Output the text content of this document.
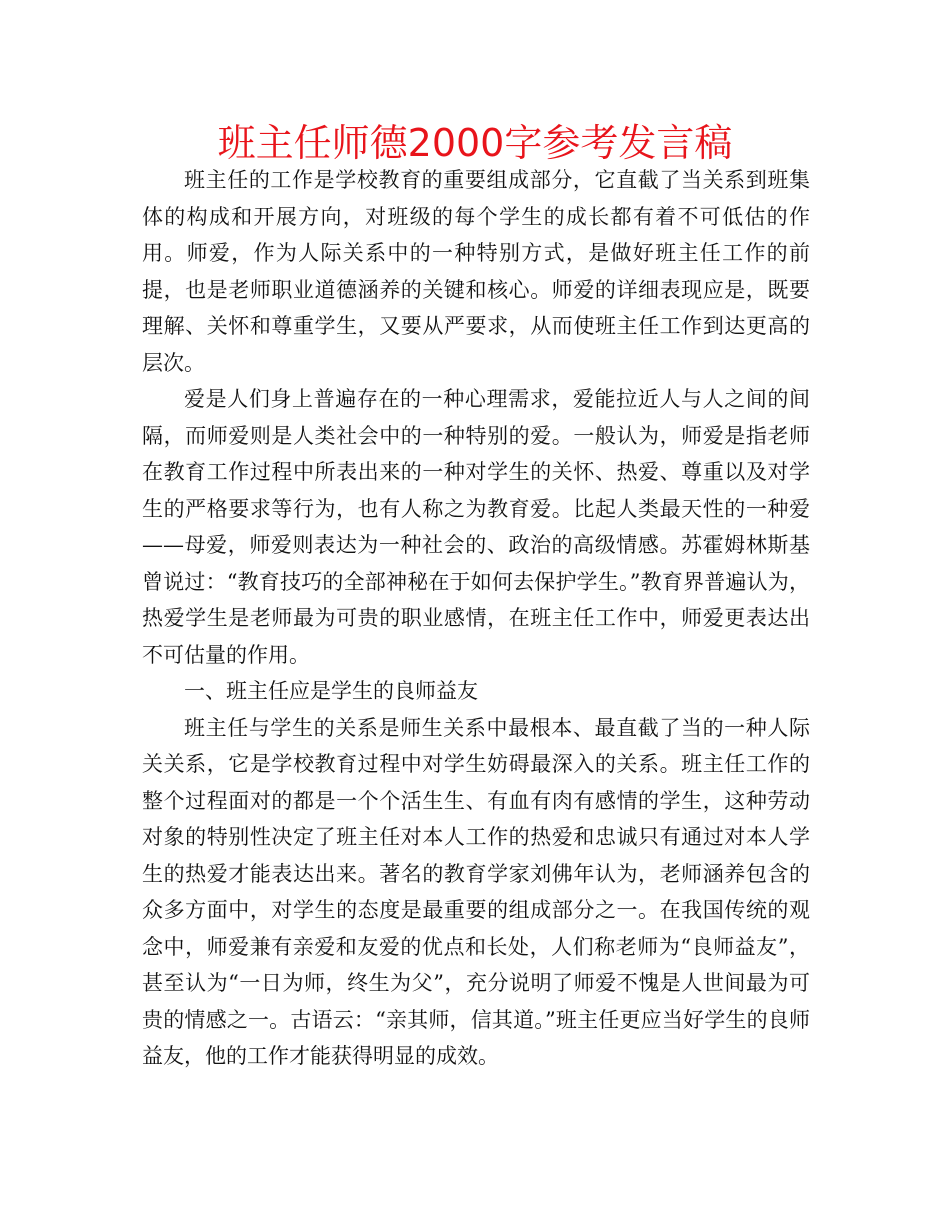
班主任师德2000字参考发言稿

班主任的工作是学校教育的重要组成部分，它直截了当关系到班集体的构成和开展方向，对班级的每个学生的成长都有着不可低估的作用。师爱，作为人际关系中的一种特别方式，是做好班主任工作的前提，也是老师职业道德涵养的关键和核心。师爱的详细表现应是，既要理解、关怀和尊重学生，又要从严要求，从而使班主任工作到达更高的层次。

爱是人们身上普遍存在的一种心理需求，爱能拉近人与人之间的间隔，而师爱则是人类社会中的一种特别的爱。一般认为，师爱是指老师在教育工作过程中所表出来的一种对学生的关怀、热爱、尊重以及对学生的严格要求等行为，也有人称之为教育爱。比起人类最天性的一种爱——母爱，师爱则表达为一种社会的、政治的高级情感。苏霍姆林斯基曾说过：“教育技巧的全部神秘在于如何去保护学生。”教育界普遍认为，热爱学生是老师最为可贵的职业感情，在班主任工作中，师爱更表达出不可估量的作用。

一、班主任应是学生的良师益友

班主任与学生的关系是师生关系中最根本、最直截了当的一种人际关关系，它是学校教育过程中对学生妨碍最深入的关系。班主任工作的整个过程面对的都是一个个活生生、有血有肉有感情的学生，这种劳动对象的特别性决定了班主任对本人工作的热爱和忠诚只有通过对本人学生的热爱才能表达出来。著名的教育学家刘佛年认为，老师涵养包含的众多方面中，对学生的态度是最重要的组成部分之一。在我国传统的观念中，师爱兼有亲爱和友爱的优点和长处，人们称老师为“良师益友”，甚至认为“一日为师，终生为父”，充分说明了师爱不愧是人世间最为可贵的情感之一。古语云：“亲其师，信其道。”班主任更应当好学生的良师益友，他的工作才能获得明显的成效。
